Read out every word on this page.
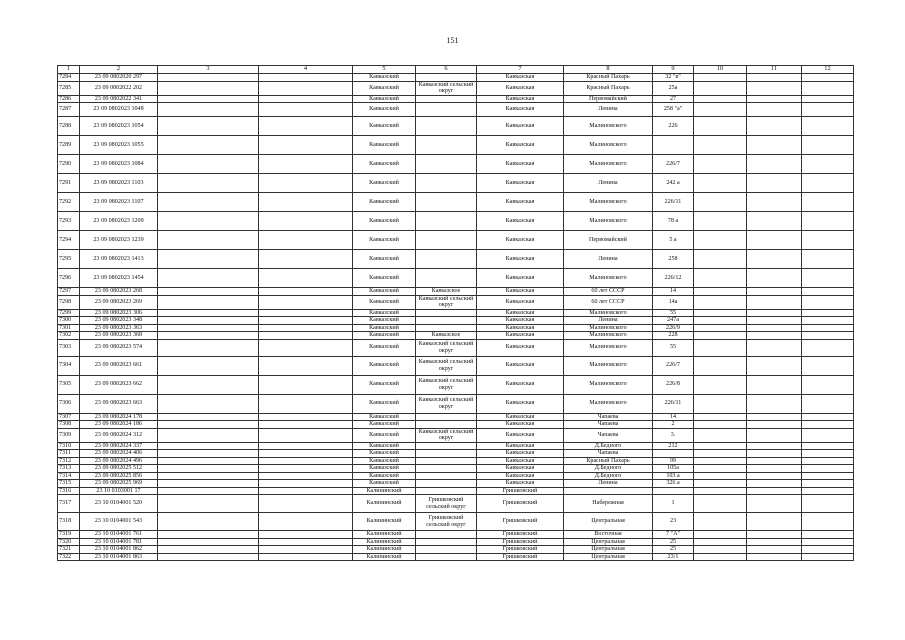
151
1	2	3	4	5	6	7	8	9	10	11	12
7284	23 09 0802020 297			Кавказский		Кавказская	Красный Пахарь	32 "в"			
7285	23 09 0802022 202			Кавказский	Кавказский сельский округ	Кавказская	Красный Пахарь	25а			
7286	23 09 0802022 341			Кавказский		Кавказская	Первомайский	27			
7287	23 09 0802023 1048			Кавказский		Кавказская	Ленина	258 "а"			
7288	23 09 0802023 1054			Кавказский		Кавказская	Малиновского	226			
7289	23 09 0802023 1055			Кавказский		Кавказская	Малиновского				
7290	23 09 0802023 1084			Кавказский		Кавказская	Малиновского	226/7			
7291	23 09 0802023 1103			Кавказский		Кавказская	Ленина	242 а			
7292	23 09 0802023 1107			Кавказский		Кавказская	Малиновского	226/11			
7293	23 09 0802023 1209			Кавказский		Кавказская	Малиновского	78 а			
7294	23 09 0802023 1239			Кавказский		Кавказская	Первомайский	5 а			
7295	23 09 0802023 1413			Кавказский		Кавказская	Ленина	258			
7296	23 09 0802023 1454			Кавказский		Кавказская	Малиновского	226/12			
7297	23 09 0802023 268			Кавказский	Кавказское	Кавказская	60 лет СССР	14			
7298	23 09 0802023 269			Кавказский	Кавказский сельский округ	Кавказская	60 лет СССР	14а			
7299	23 09 0802023 306			Кавказский		Кавказская	Малиновского	55			
7300	23 09 0802023 348			Кавказский		Кавказская	Ленина	247а			
7301	23 09 0802023 363			Кавказский		Кавказская	Малиновского	226/9			
7302	23 09 0802023 368			Кавказский	Кавказское	Кавказская	Малиновского	228			
7303	23 09 0802023 574			Кавказский	Кавказский сельский округ	Кавказская	Малиновского	55			
7304	23 09 0802023 661			Кавказский	Кавказский сельский округ	Кавказская	Малиновского	226/7			
7305	23 09 0802023 662			Кавказский	Кавказский сельский округ	Кавказская	Малиновского	226/8			
7306	23 09 0802023 663			Кавказский	Кавказский сельский округ	Кавказская	Малиновского	226/11			
7307	23 09 0802024 178			Кавказский		Кавказская	Чапаева	14			
7308	23 09 0802024 186			Кавказский		Кавказская	Чапаева	2			
7309	23 09 0802024 312			Кавказский	Кавказский сельский округ	Кавказская	Чапаева	3.			
7310	23 09 0802024 337			Кавказский		Кавказская	Д.Бедного	212			
7311	23 09 0802024 406			Кавказский		Кавказская	Чапаева				
7312	23 09 0802024 496			Кавказский		Кавказская	Красный Пахарь	99			
7313	23 09 0802025 512			Кавказский		Кавказская	Д.Бедного	105а			
7314	23 09 0802025 856			Кавказский		Кавказская	Д.Бедного	103 а			
7315	23 09 0802025 969			Кавказский		Кавказская	Ленина	326 а			
7316	23 10 0103001 17			Калининский		Гришковский					
7317	23 10 0104001 520			Калининский	Гришковский сельский округ	Гришковский	Набережная	1			
7318	23 10 0104001 543			Калининский	Гришковский сельский округ	Гришковский	Центральная	23			
7319	23 10 0104001 761			Калининский		Гришковский	Восточная	7 "А"			
7320	23 10 0104001 781			Калининский		Гришковский	Центральная	25			
7321	23 10 0104001 862			Калининский		Гришковский	Центральная	25			
7322	23 10 0104001 863			Калининский		Гришковский	Центральная	23/1			
